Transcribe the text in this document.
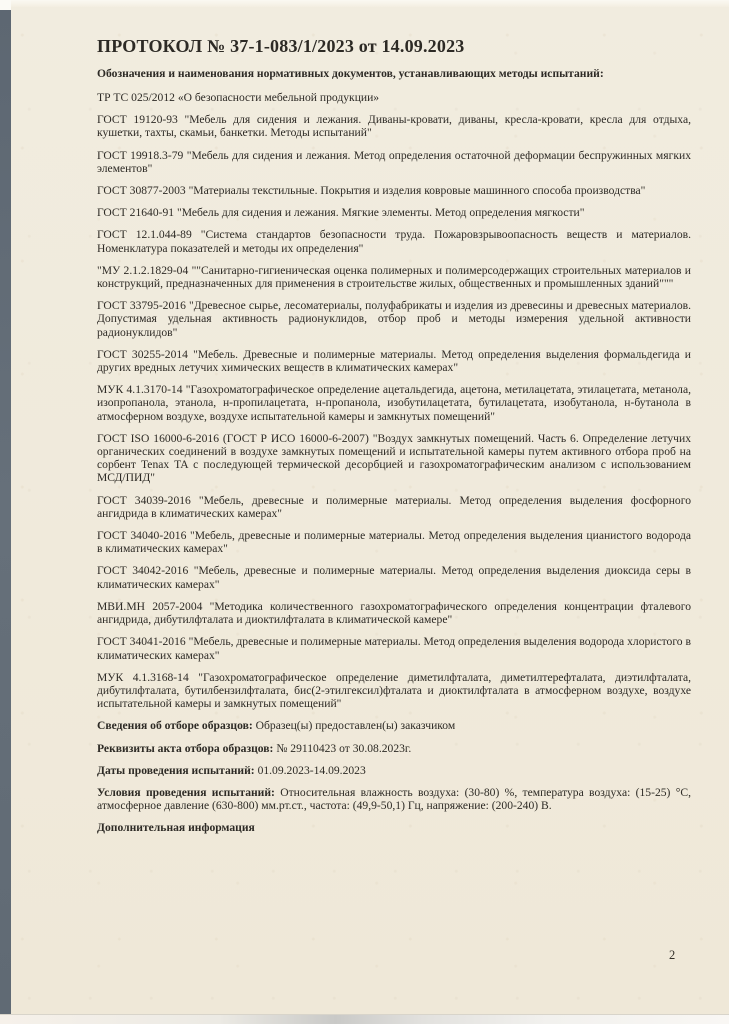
ПРОТОКОЛ № 37-1-083/1/2023 от 14.09.2023
Обозначения и наименования нормативных документов, устанавливающих методы испытаний:

ТР ТС 025/2012 «О безопасности мебельной продукции»

ГОСТ 19120-93 "Мебель для сидения и лежания. Диваны-кровати, диваны, кресла-кровати, кресла для отдыха, кушетки, тахты, скамьи, банкетки. Методы испытаний"

ГОСТ 19918.3-79 "Мебель для сидения и лежания. Метод определения остаточной деформации беспружинных мягких элементов"

ГОСТ 30877-2003 "Материалы текстильные. Покрытия и изделия ковровые машинного способа производства"

ГОСТ 21640-91 "Мебель для сидения и лежания. Мягкие элементы. Метод определения мягкости"

ГОСТ 12.1.044-89 "Система стандартов безопасности труда. Пожаровзрывоопасность веществ и материалов. Номенклатура показателей и методы их определения"

"МУ 2.1.2.1829-04 ""Санитарно-гигиеническая оценка полимерных и полимерсодержащих строительных материалов и конструкций, предназначенных для применения в строительстве жилых, общественных и промышленных зданий"""

ГОСТ 33795-2016 "Древесное сырье, лесоматериалы, полуфабрикаты и изделия из древесины и древесных материалов. Допустимая удельная активность радионуклидов, отбор проб и методы измерения удельной активности радионуклидов"

ГОСТ 30255-2014 "Мебель. Древесные и полимерные материалы. Метод определения выделения формальдегида и других вредных летучих химических веществ в климатических камерах"

МУК 4.1.3170-14 "Газохроматографическое определение ацетальдегида, ацетона, метилацетата, этилацетата, метанола, изопропанола, этанола, н-пропилацетата, н-пропанола, изобутилацетата, бутилацетата, изобутанола, н-бутанола в атмосферном воздухе, воздухе испытательной камеры и замкнутых помещений"

ГОСТ ISO 16000-6-2016 (ГОСТ Р ИСО 16000-6-2007) "Воздух замкнутых помещений. Часть 6. Определение летучих органических соединений в воздухе замкнутых помещений и испытательной камеры путем активного отбора проб на сорбент Tenax TA с последующей термической десорбцией и газохроматографическим анализом с использованием МСД/ПИД"

ГОСТ 34039-2016 "Мебель, древесные и полимерные материалы. Метод определения выделения фосфорного ангидрида в климатических камерах"

ГОСТ 34040-2016 "Мебель, древесные и полимерные материалы. Метод определения выделения цианистого водорода в климатических камерах"

ГОСТ 34042-2016 "Мебель, древесные и полимерные материалы. Метод определения выделения диоксида серы в климатических камерах"

МВИ.МН 2057-2004 "Методика количественного газохроматографического определения концентрации фталевого ангидрида, дибутилфталата и диоктилфталата в климатической камере"

ГОСТ 34041-2016 "Мебель, древесные и полимерные материалы. Метод определения выделения водорода хлористого в климатических камерах"

МУК 4.1.3168-14 "Газохроматографическое определение диметилфталата, диметилтерефталата, диэтилфталата, дибутилфталата, бутилбензилфталата, бис(2-этилгексил)фталата и диоктилфталата в атмосферном воздухе, воздухе испытательной камеры и замкнутых помещений"

Сведения об отборе образцов: Образец(ы) предоставлен(ы) заказчиком

Реквизиты акта отбора образцов: № 29110423 от 30.08.2023г.

Даты проведения испытаний: 01.09.2023-14.09.2023

Условия проведения испытаний: Относительная влажность воздуха: (30-80) %, температура воздуха: (15-25) °С, атмосферное давление (630-800) мм.рт.ст., частота: (49,9-50,1) Гц, напряжение: (200-240) В.

Дополнительная информация

2
